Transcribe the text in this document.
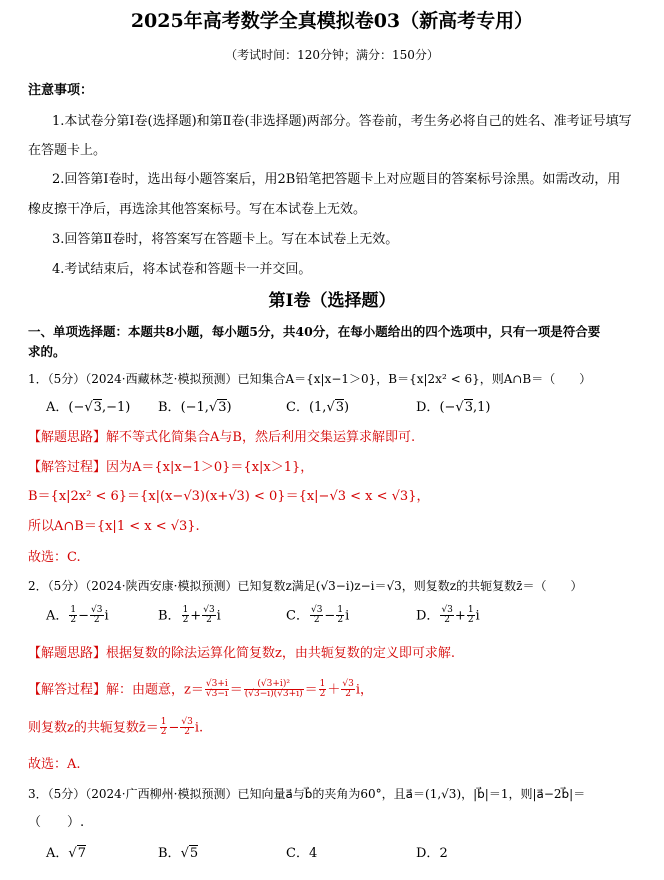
2025年高考数学全真模拟卷03（新高考专用）
（考试时间：120分钟；满分：150分）
注意事项：
1.本试卷分第Ⅰ卷(选择题)和第Ⅱ卷(非选择题)两部分。答卷前，考生务必将自己的姓名、准考证号填写
在答题卡上。
2.回答第Ⅰ卷时，选出每小题答案后，用2B铅笔把答题卡上对应题目的答案标号涂黑。如需改动，用
橡皮擦干净后，再选涂其他答案标号。写在本试卷上无效。
3.回答第Ⅱ卷时，将答案写在答题卡上。写在本试卷上无效。
4.考试结束后，将本试卷和答题卡一并交回。
第Ⅰ卷（选择题）
一、单项选择题：本题共8小题，每小题5分，共40分，在每小题给出的四个选项中，只有一项是符合要
求的。
1．（5分）（2024·西藏林芝·模拟预测）已知集合A＝{x|x−1＞0}，B＝{x|2x² < 6}，则A∩B＝（　　）
A．(−√3,−1) B．(−1,√3)	C．(1,√3)	D．(−√3,1)
【解题思路】解不等式化简集合A与B，然后利用交集运算求解即可.
【解答过程】因为A＝{x|x−1＞0}＝{x|x＞1}，
B＝{x|2x² < 6}＝{x|(x−√3)(x+√3) < 0}＝{x|−√3 < x < √3}，
所以A∩B＝{x|1 < x < √3}.
故选：C.
2．（5分）（2024·陕西安康·模拟预测）已知复数z满足(√3−i)z−i＝√3，则复数z的共轭复数z̄＝（　　）
A． $\frac{1}{2} - \frac{√3}{2}$ i	B． $\frac{1}{2} + \frac{√3}{2}$ i	C． $\frac{√3}{2} - \frac{1}{2}$ i	D． $\frac{√3}{2} + \frac{1}{2}$ i
【解题思路】根据复数的除法运算化简复数z，由共轭复数的定义即可求解.
【解答过程】解：由题意，$z= \frac{√3+i}{√3-i} = \frac{\text{(√3+i)²}}{(√3-i)(√3+i)} = \frac{1}{2} + \frac{√3}{2}$ i，
则复数z的共轭复数z̄＝ $\frac{1}{2} - \frac{√3}{2} i$.
故选：A.
3．（5分）（2024·广西柳州·模拟预测）已知向量a⃗与b⃗的夹角为60°，且a⃗＝(1,√3)，|b⃗|＝1，则|a⃗−2b⃗|＝
（　　）.
A．√7	B．√5	C．4	D．2
